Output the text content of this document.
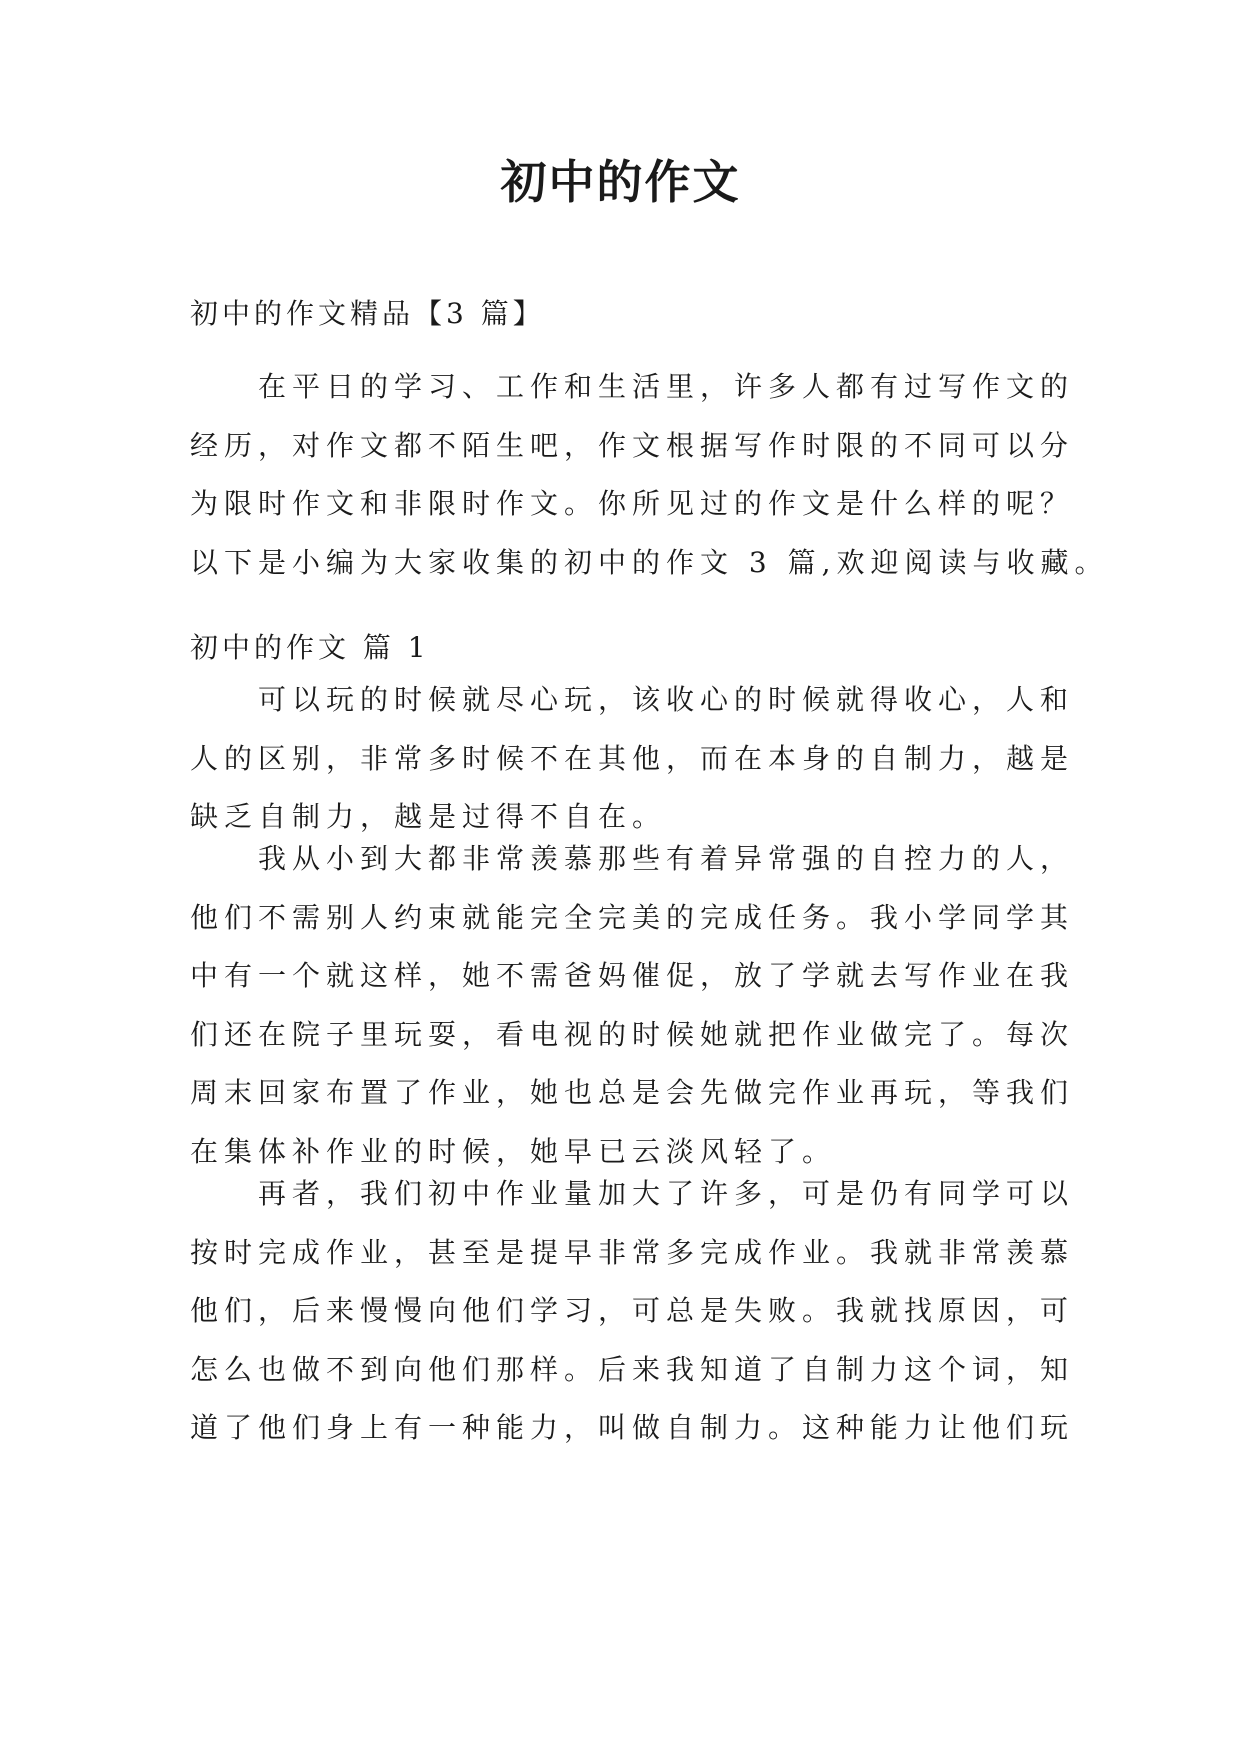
初中的作文
初中的作文精品【3 篇】
在平日的学习、工作和生活里，许多人都有过写作文的
经历，对作文都不陌生吧，作文根据写作时限的不同可以分
为限时作文和非限时作文。你所见过的作文是什么样的呢？
以下是小编为大家收集的初中的作文 3 篇,欢迎阅读与收藏。
初中的作文 篇 1
可以玩的时候就尽心玩，该收心的时候就得收心，人和
人的区别，非常多时候不在其他，而在本身的自制力，越是
缺乏自制力，越是过得不自在。
我从小到大都非常羡慕那些有着异常强的自控力的人，
他们不需别人约束就能完全完美的完成任务。我小学同学其
中有一个就这样，她不需爸妈催促，放了学就去写作业在我
们还在院子里玩耍，看电视的时候她就把作业做完了。每次
周末回家布置了作业，她也总是会先做完作业再玩，等我们
在集体补作业的时候，她早已云淡风轻了。
再者，我们初中作业量加大了许多，可是仍有同学可以
按时完成作业，甚至是提早非常多完成作业。我就非常羡慕
他们，后来慢慢向他们学习，可总是失败。我就找原因，可
怎么也做不到向他们那样。后来我知道了自制力这个词，知
道了他们身上有一种能力，叫做自制力。这种能力让他们玩
